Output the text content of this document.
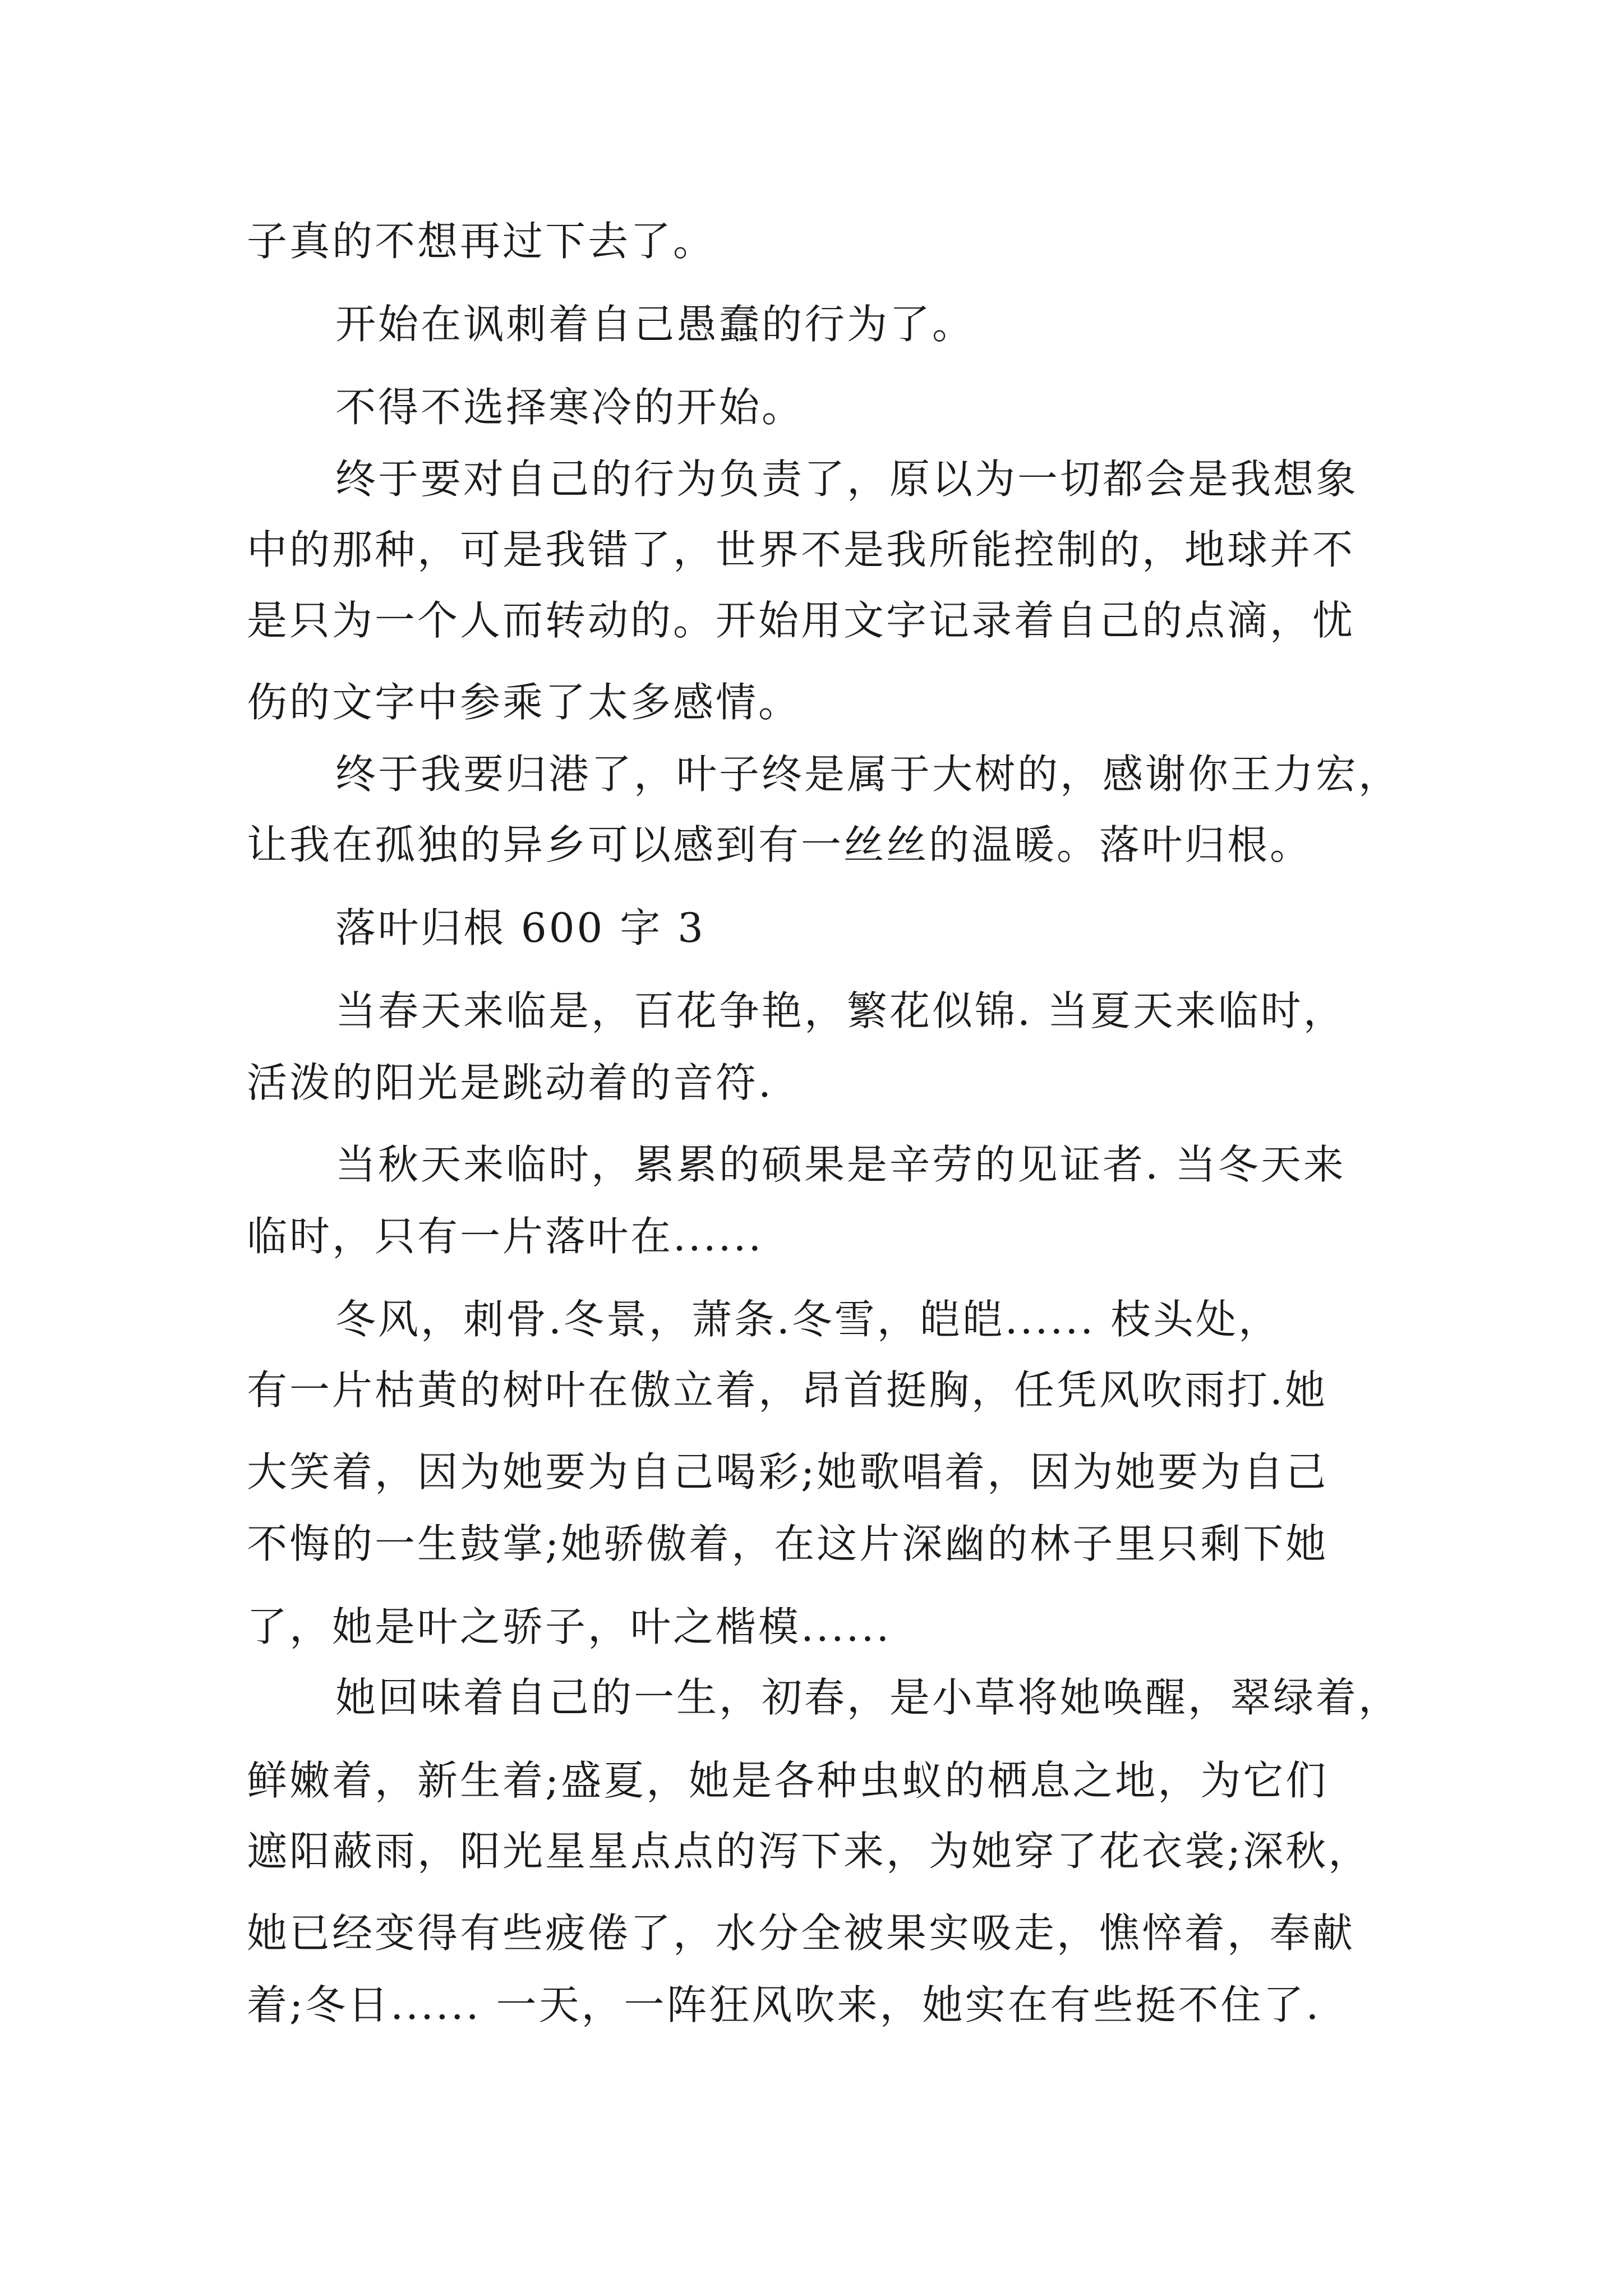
子真的不想再过下去了。
开始在讽刺着自己愚蠢的行为了。
不得不选择寒冷的开始。
终于要对自己的行为负责了，原以为一切都会是我想象
中的那种，可是我错了，世界不是我所能控制的，地球并不
是只为一个人而转动的。开始用文字记录着自己的点滴，忧
伤的文字中参乘了太多感情。
终于我要归港了，叶子终是属于大树的，感谢你王力宏，
让我在孤独的异乡可以感到有一丝丝的温暖。落叶归根。
落叶归根 600 字 3
当春天来临是，百花争艳，繁花似锦. 当夏天来临时，
活泼的阳光是跳动着的音符.
当秋天来临时，累累的硕果是辛劳的见证者. 当冬天来
临时，只有一片落叶在......
冬风，刺骨.冬景，萧条.冬雪，皑皑...... 枝头处，
有一片枯黄的树叶在傲立着，昂首挺胸，任凭风吹雨打.她
大笑着，因为她要为自己喝彩;她歌唱着，因为她要为自己
不悔的一生鼓掌;她骄傲着，在这片深幽的林子里只剩下她
了，她是叶之骄子，叶之楷模......
她回味着自己的一生，初春，是小草将她唤醒，翠绿着，
鲜嫩着，新生着;盛夏，她是各种虫蚁的栖息之地，为它们
遮阳蔽雨，阳光星星点点的泻下来，为她穿了花衣裳;深秋，
她已经变得有些疲倦了，水分全被果实吸走，憔悴着，奉献
着;冬日...... 一天，一阵狂风吹来，她实在有些挺不住了.
